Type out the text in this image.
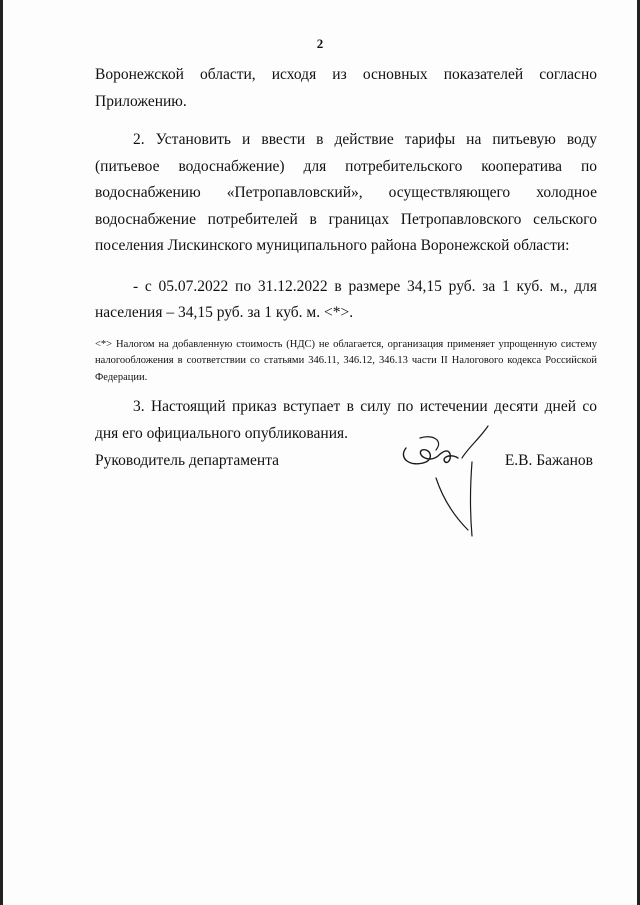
2

Воронежской области, исходя из основных показателей согласно Приложению.

2. Установить и ввести в действие тарифы на питьевую воду (питьевое водоснабжение) для потребительского кооператива по водоснабжению «Петропавловский», осуществляющего холодное водоснабжение потребителей в границах Петропавловского сельского поселения Лискинского муниципального района Воронежской области:

- с 05.07.2022 по 31.12.2022 в размере 34,15 руб. за 1 куб. м., для населения – 34,15 руб. за 1 куб. м. <*>.

<*> Налогом на добавленную стоимость (НДС) не облагается, организация применяет упрощенную систему налогообложения в соответствии со статьями 346.11, 346.12, 346.13 части II Налогового кодекса Российской Федерации.

3. Настоящий приказ вступает в силу по истечении десяти дней со дня его официального опубликования.

Руководитель департамента	Е.В. Бажанов
